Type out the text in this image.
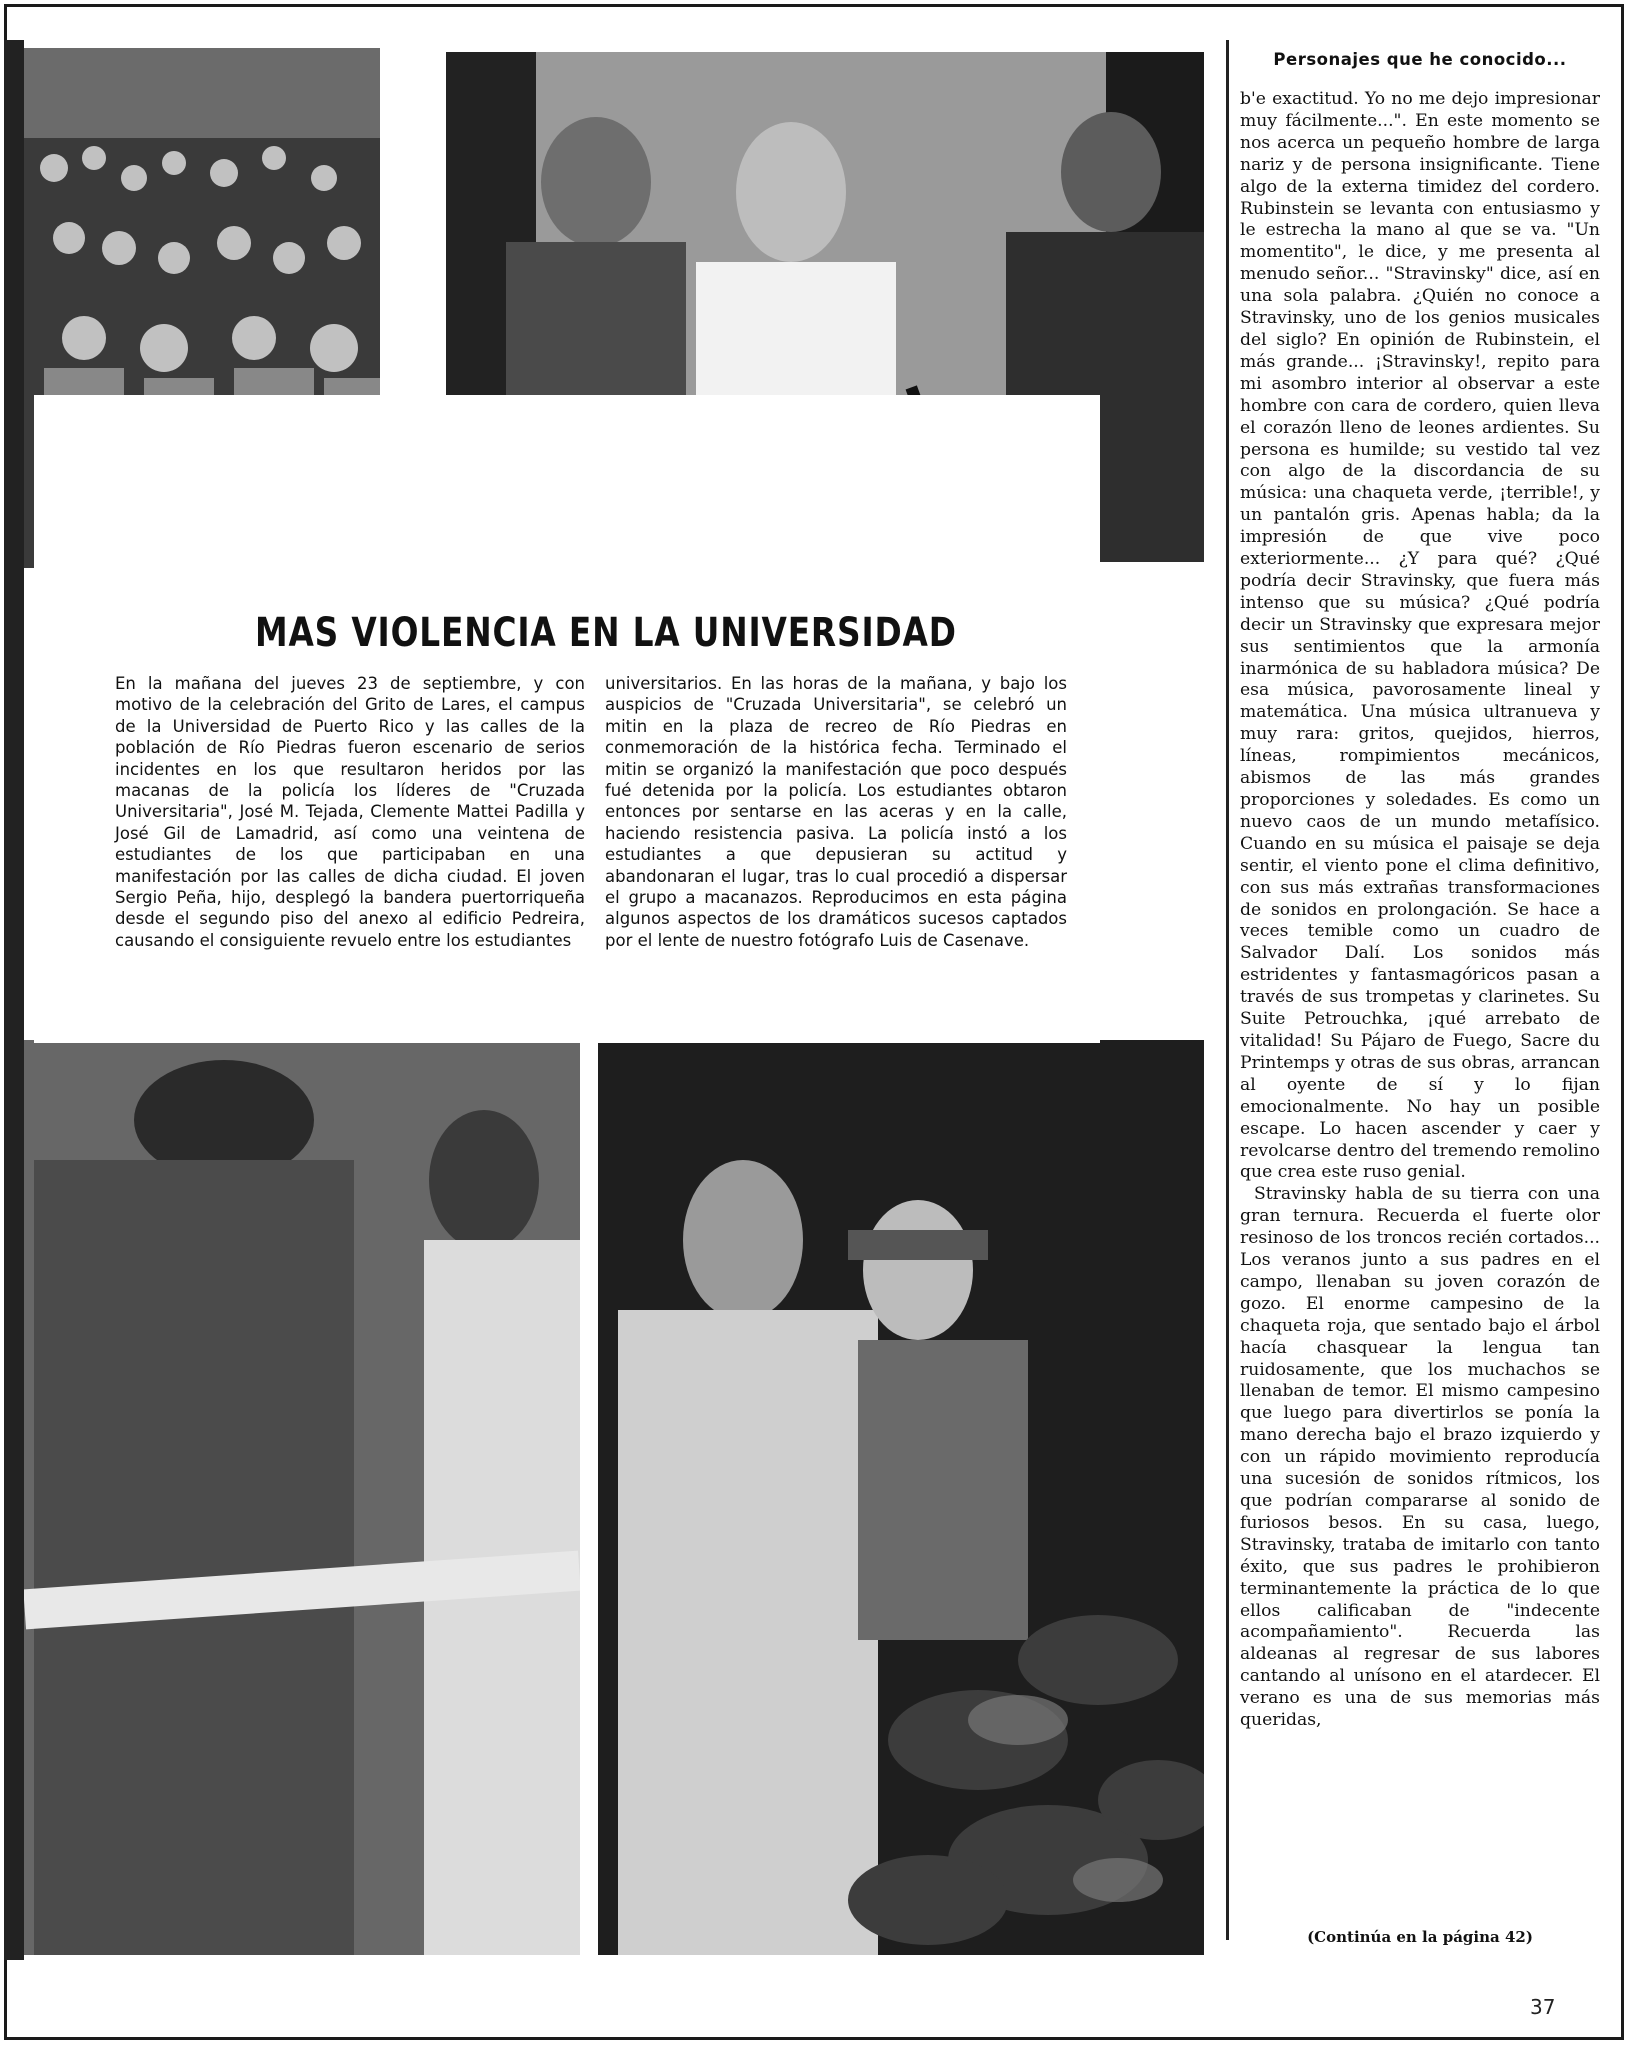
MAS VIOLENCIA EN LA UNIVERSIDAD
En la mañana del jueves 23 de septiembre, y con motivo de la celebración del Grito de Lares, el campus de la Universidad de Puerto Rico y las calles de la población de Río Piedras fueron escenario de serios incidentes en los que resultaron heridos por las macanas de la policía los líderes de "Cruzada Universitaria", José M. Tejada, Clemente Mattei Padilla y José Gil de Lamadrid, así como una veintena de estudiantes de los que participaban en una manifestación por las calles de dicha ciudad. El joven Sergio Peña, hijo, desplegó la bandera puertorriqueña desde el segundo piso del anexo al edificio Pedreira, causando el consiguiente revuelo entre los estudiantes
universitarios. En las horas de la mañana, y bajo los auspicios de "Cruzada Universitaria", se celebró un mitin en la plaza de recreo de Río Piedras en conmemoración de la histórica fecha. Terminado el mitin se organizó la manifestación que poco después fué detenida por la policía. Los estudiantes obtaron entonces por sentarse en las aceras y en la calle, haciendo resistencia pasiva. La policía instó a los estudiantes a que depusieran su actitud y abandonaran el lugar, tras lo cual procedió a dispersar el grupo a macanazos. Reproducimos en esta página algunos aspectos de los dramáticos sucesos captados por el lente de nuestro fotógrafo Luis de Casenave.
Personajes que he conocido...

b'e exactitud. Yo no me dejo impresionar muy fácilmente...". En este momento se nos acerca un pequeño hombre de larga nariz y de persona insignificante. Tiene algo de la externa timidez del cordero. Rubinstein se levanta con entusiasmo y le estrecha la mano al que se va. "Un momentito", le dice, y me presenta al menudo señor... "Stravinsky" dice, así en una sola palabra. ¿Quién no conoce a Stravinsky, uno de los genios musicales del siglo? En opinión de Rubinstein, el más grande... ¡Stravinsky!, repito para mi asombro interior al observar a este hombre con cara de cordero, quien lleva el corazón lleno de leones ardientes. Su persona es humilde; su vestido tal vez con algo de la discordancia de su música: una chaqueta verde, ¡terrible!, y un pantalón gris. Apenas habla; da la impresión de que vive poco exteriormente... ¿Y para qué? ¿Qué podría decir Stravinsky, que fuera más intenso que su música? ¿Qué podría decir un Stravinsky que expresara mejor sus sentimientos que la armonía inarmónica de su habladora música? De esa música, pavorosamente lineal y matemática. Una música ultranueva y muy rara: gritos, quejidos, hierros, líneas, rompimientos mecánicos, abismos de las más grandes proporciones y soledades. Es como un nuevo caos de un mundo metafísico. Cuando en su música el paisaje se deja sentir, el viento pone el clima definitivo, con sus más extrañas transformaciones de sonidos en prolongación. Se hace a veces temible como un cuadro de Salvador Dalí. Los sonidos más estridentes y fantasmagóricos pasan a través de sus trompetas y clarinetes. Su Suite Petrouchka, ¡qué arrebato de vitalidad! Su Pájaro de Fuego, Sacre du Printemps y otras de sus obras, arrancan al oyente de sí y lo fijan emocionalmente. No hay un posible escape. Lo hacen ascender y caer y revolcarse dentro del tremendo remolino que crea este ruso genial.

Stravinsky habla de su tierra con una gran ternura. Recuerda el fuerte olor resinoso de los troncos recién cortados... Los veranos junto a sus padres en el campo, llenaban su joven corazón de gozo. El enorme campesino de la chaqueta roja, que sentado bajo el árbol hacía chasquear la lengua tan ruidosamente, que los muchachos se llenaban de temor. El mismo campesino que luego para divertirlos se ponía la mano derecha bajo el brazo izquierdo y con un rápido movimiento reproducía una sucesión de sonidos rítmicos, los que podrían compararse al sonido de furiosos besos. En su casa, luego, Stravinsky, trataba de imitarlo con tanto éxito, que sus padres le prohibieron terminantemente la práctica de lo que ellos calificaban de "indecente acompañamiento". Recuerda las aldeanas al regresar de sus labores cantando al unísono en el atardecer. El verano es una de sus memorias más queridas,

(Continúa en la página 42)
37
